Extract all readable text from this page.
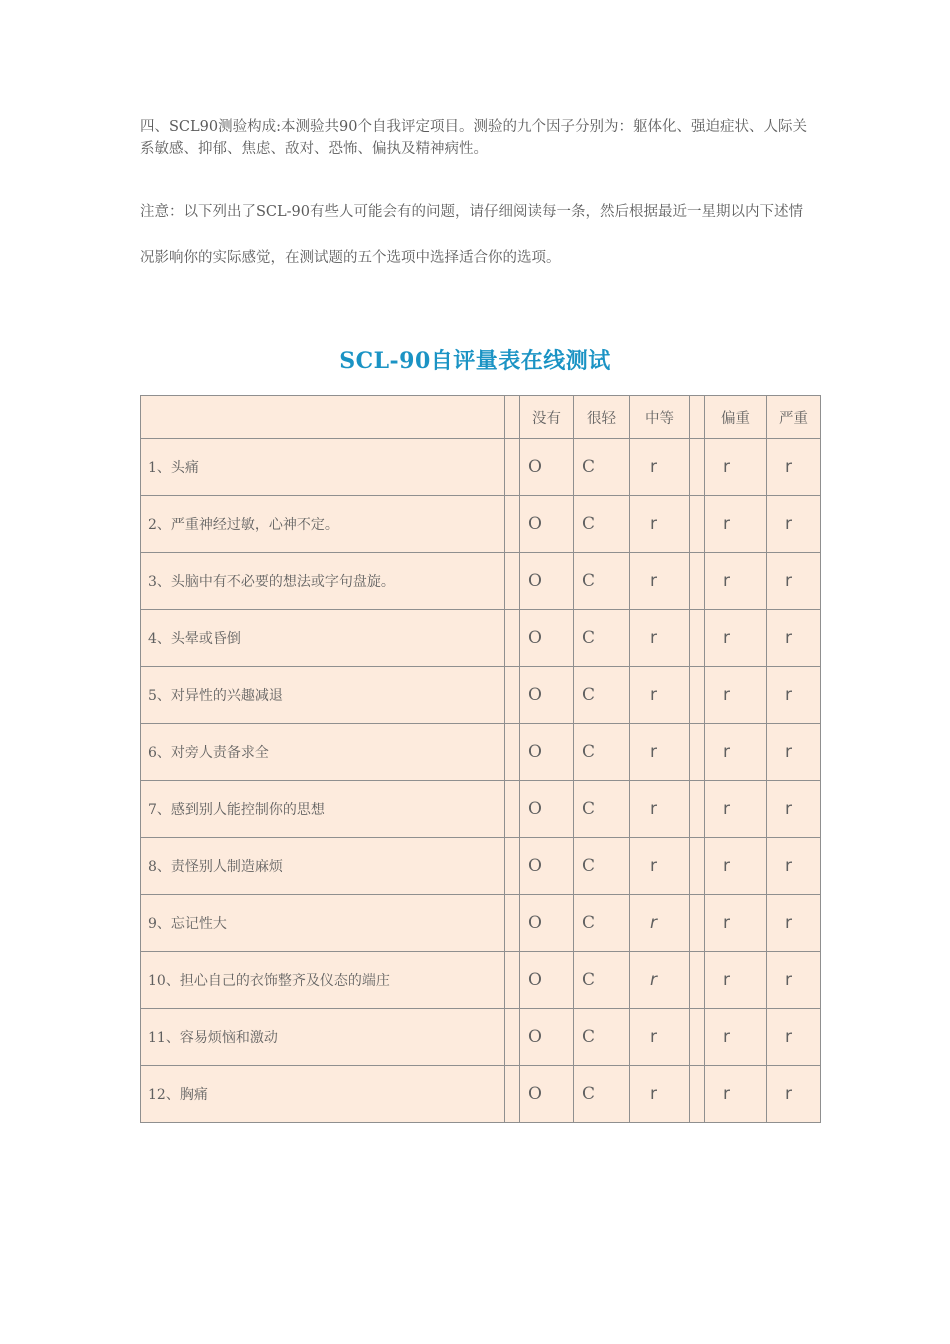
四、SCL90测验构成:本测验共90个自我评定项目。测验的九个因子分别为：躯体化、强迫症状、人际关系敏感、抑郁、焦虑、敌对、恐怖、偏执及精神病性。

注意：以下列出了SCL-90有些人可能会有的问题，请仔细阅读每一条，然后根据最近一星期以内下述情况影响你的实际感觉，在测试题的五个选项中选择适合你的选项。

SCL-90自评量表在线测试
		没有	很轻	中等		偏重	严重
1、头痛		O	C	r		r	r
2、严重神经过敏，心神不定。		O	C	r		r	r
3、头脑中有不必要的想法或字句盘旋。		O	C	r		r	r
4、头晕或昏倒		O	C	r		r	r
5、对异性的兴趣减退		O	C	r		r	r
6、对旁人责备求全		O	C	r		r	r
7、感到别人能控制你的思想		O	C	r		r	r
8、责怪别人制造麻烦		O	C	r		r	r
9、忘记性大		O	C	r		r	r
10、担心自己的衣饰整齐及仪态的端庄		O	C	r		r	r
11、容易烦恼和激动		O	C	r		r	r
12、胸痛		O	C	r		r	r
